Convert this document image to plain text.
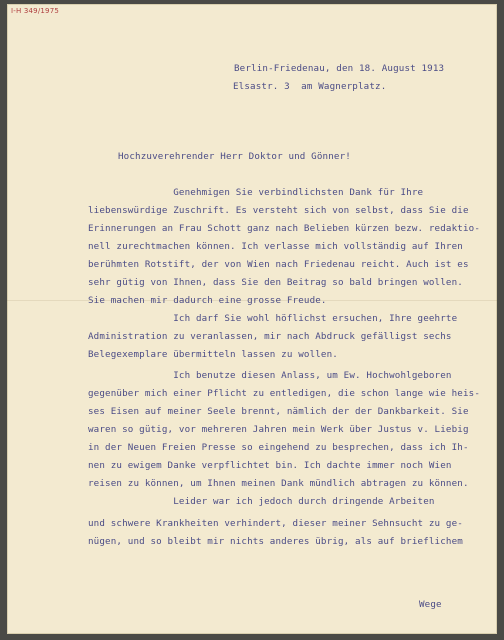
I-H 349/1975
Berlin-Friedenau, den 18. August 1913
Elsastr. 3  am Wagnerplatz.
Hochzuverehrender Herr Doktor und Gönner!
Genehmigen Sie verbindlichsten Dank für Ihre
liebenswürdige Zuschrift. Es versteht sich von selbst, dass Sie die
Erinnerungen an Frau Schott ganz nach Belieben kürzen bezw. redaktio-
nell zurechtmachen können. Ich verlasse mich vollständig auf Ihren
berühmten Rotstift, der von Wien nach Friedenau reicht. Auch ist es
sehr gütig von Ihnen, dass Sie den Beitrag so bald bringen wollen.
Sie machen mir dadurch eine grosse Freude.
Ich darf Sie wohl höflichst ersuchen, Ihre geehrte
Administration zu veranlassen, mir nach Abdruck gefälligst sechs
Belegexemplare übermitteln lassen zu wollen.
Ich benutze diesen Anlass, um Ew. Hochwohlgeboren
gegenüber mich einer Pflicht zu entledigen, die schon lange wie heis-
ses Eisen auf meiner Seele brennt, nämlich der der Dankbarkeit. Sie
waren so gütig, vor mehreren Jahren mein Werk über Justus v. Liebig
in der Neuen Freien Presse so eingehend zu besprechen, dass ich Ih-
nen zu ewigem Danke verpflichtet bin. Ich dachte immer noch Wien
reisen zu können, um Ihnen meinen Dank mündlich abtragen zu können.
Leider war ich jedoch durch dringende Arbeiten
und schwere Krankheiten verhindert, dieser meiner Sehnsucht zu ge-
nügen, und so bleibt mir nichts anderes übrig, als auf brieflichem
Wege
